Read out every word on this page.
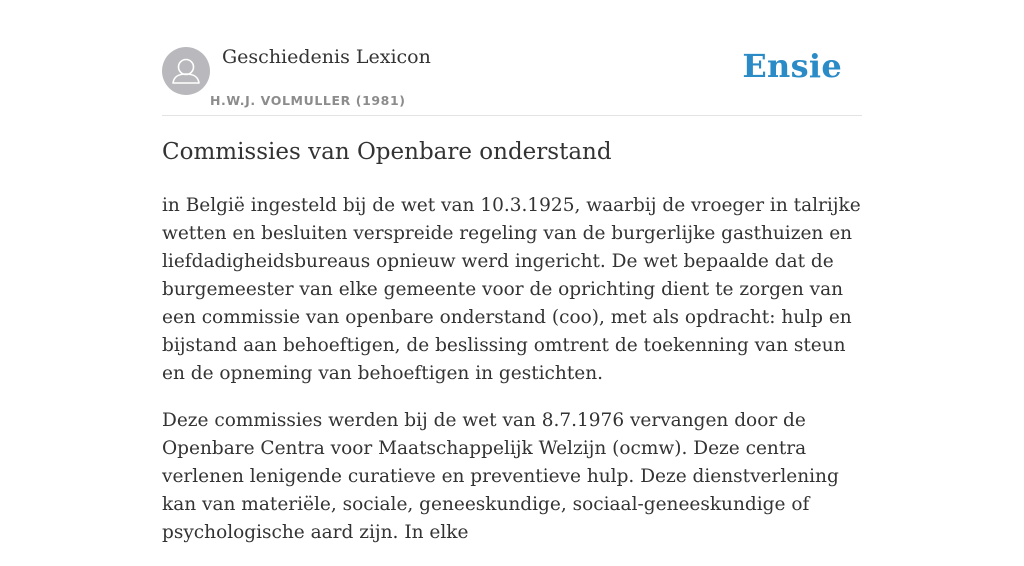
Geschiedenis Lexicon
H.W.J. VOLMULLER (1981)
Ensie
Commissies van Openbare onderstand

in België ingesteld bij de wet van 10.3.1925, waarbij de vroeger in talrijke wetten en besluiten verspreide regeling van de burgerlijke gasthuizen en liefdadigheidsbureaus opnieuw werd ingericht. De wet bepaalde dat de burgemeester van elke gemeente voor de oprichting dient te zorgen van een commissie van openbare onderstand (coo), met als opdracht: hulp en bijstand aan behoeftigen, de beslissing omtrent de toekenning van steun en de opneming van behoeftigen in gestichten.

Deze commissies werden bij de wet van 8.7.1976 vervangen door de Openbare Centra voor Maatschappelijk Welzijn (ocmw). Deze centra verlenen lenigende curatieve en preventieve hulp. Deze dienstverlening kan van materiële, sociale, geneeskundige, sociaal-geneeskundige of psychologische aard zijn. In elke
